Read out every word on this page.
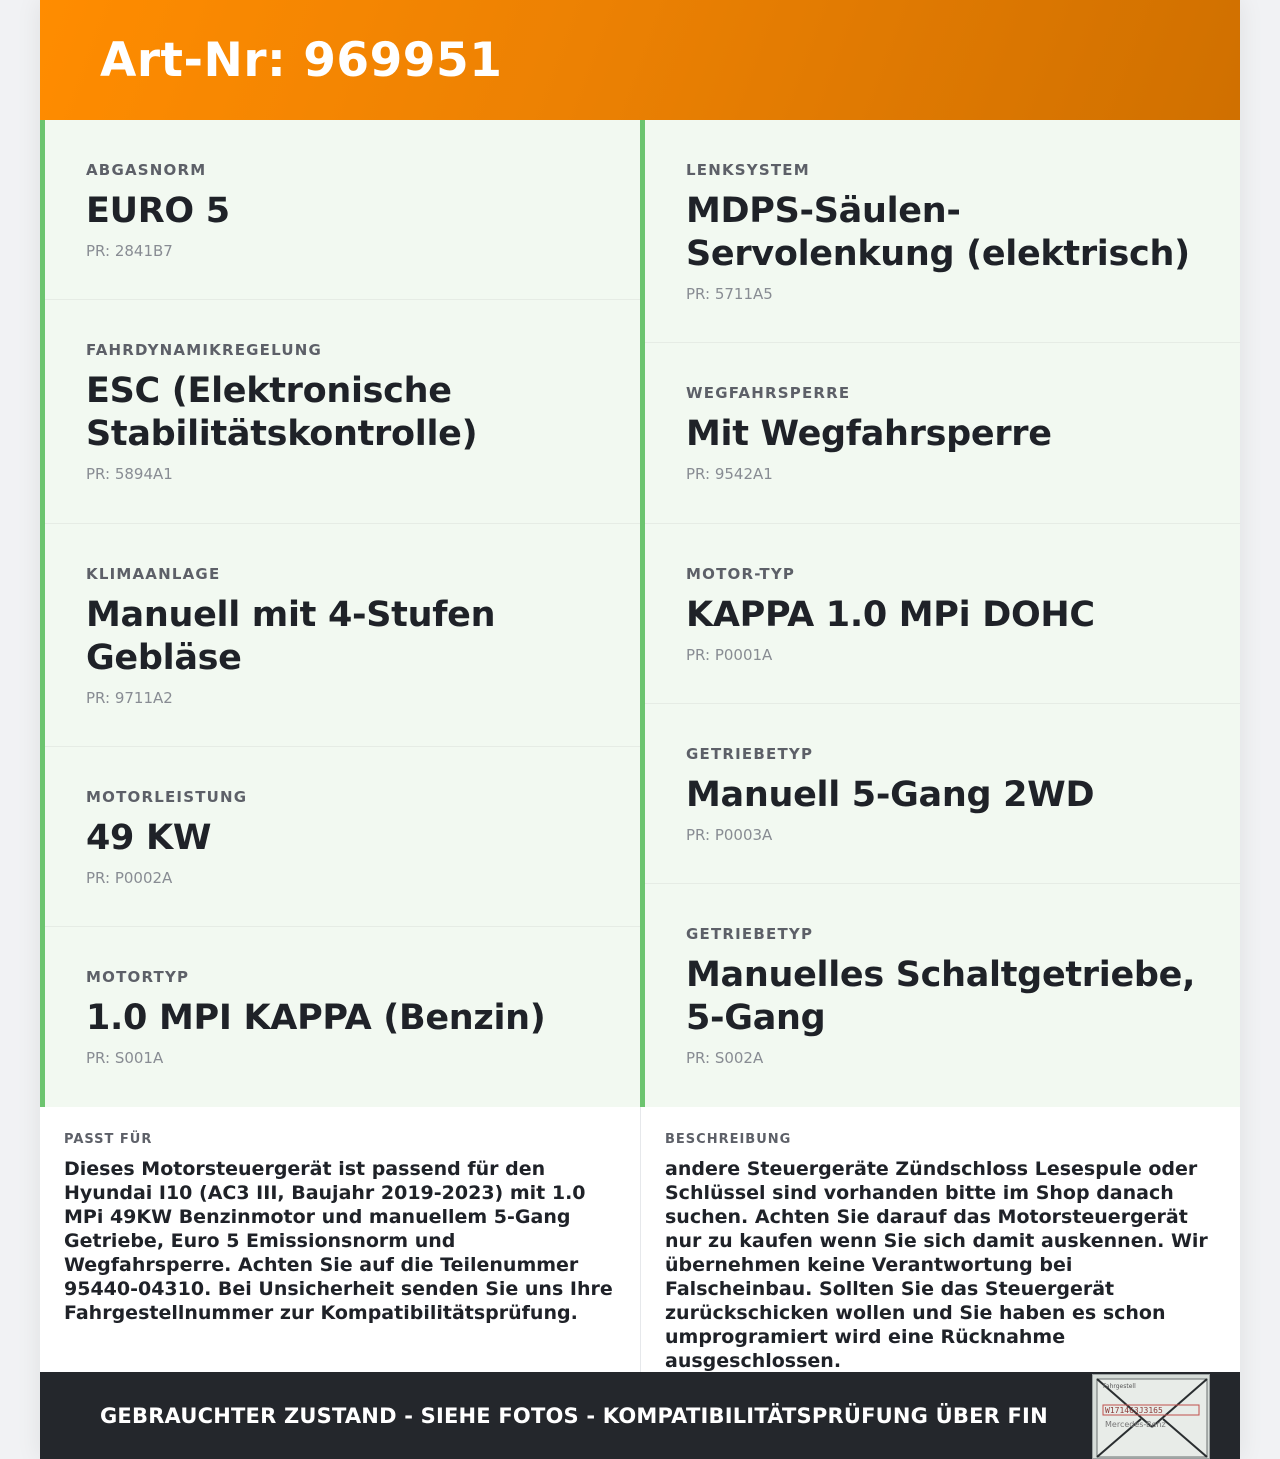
Art-Nr: 969951
ABGASNORM
EURO 5
PR: 2841B7
FAHRDYNAMIKREGELUNG
ESC (Elektronische Stabilitätskontrolle)
PR: 5894A1
KLIMAANLAGE
Manuell mit 4-Stufen Gebläse
PR: 9711A2
MOTORLEISTUNG
49 KW
PR: P0002A
MOTORTYP
1.0 MPI KAPPA (Benzin)
PR: S001A
LENKSYSTEM
MDPS-Säulen-Servolenkung (elektrisch)
PR: 5711A5
WEGFAHRSPERRE
Mit Wegfahrsperre
PR: 9542A1
MOTOR-TYP
KAPPA 1.0 MPi DOHC
PR: P0001A
GETRIEBETYP
Manuell 5-Gang 2WD
PR: P0003A
GETRIEBETYP
Manuelles Schaltgetriebe, 5-Gang
PR: S002A
PASST FÜR
Dieses Motorsteuergerät ist passend für den Hyundai I10 (AC3 III, Baujahr 2019-2023) mit 1.0 MPi 49KW Benzinmotor und manuellem 5-Gang Getriebe, Euro 5 Emissionsnorm und Wegfahrsperre. Achten Sie auf die Teilenummer 95440-04310. Bei Unsicherheit senden Sie uns Ihre Fahrgestellnummer zur Kompatibilitätsprüfung.
BESCHREIBUNG
andere Steuergeräte Zündschloss Lesespule oder Schlüssel sind vorhanden bitte im Shop danach suchen. Achten Sie darauf das Motorsteuergerät nur zu kaufen wenn Sie sich damit auskennen. Wir übernehmen keine Verantwortung bei Falscheinbau. Sollten Sie das Steuergerät zurückschicken wollen und Sie haben es schon umprogramiert wird eine Rücknahme ausgeschlossen.
GEBRAUCHTER ZUSTAND - SIEHE FOTOS - KOMPATIBILITÄTSPRÜFUNG ÜBER FIN
Fahrgestell
W171463J3165
Mercedes-Benz
